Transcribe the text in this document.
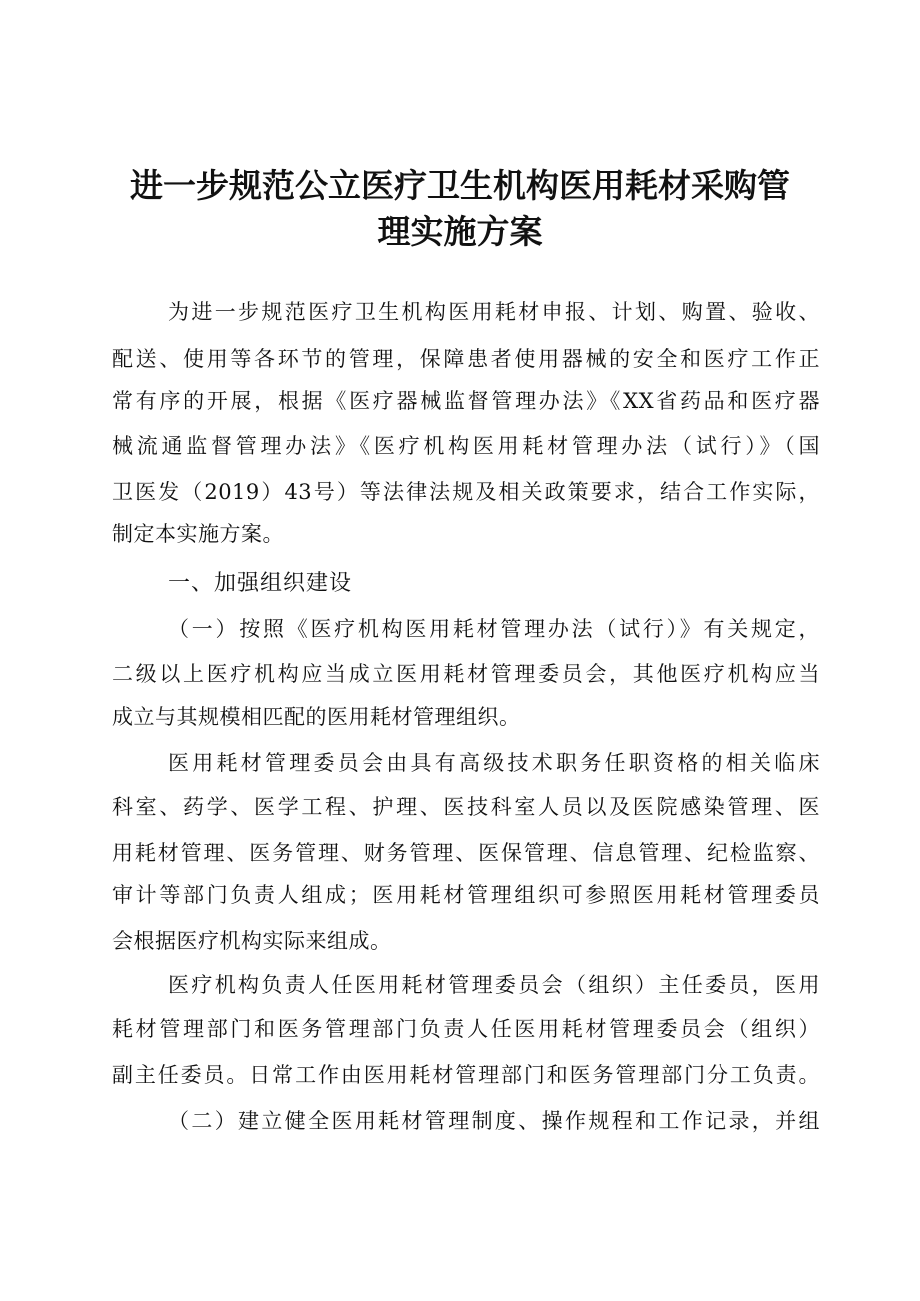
进一步规范公立医疗卫生机构医用耗材采购管
理实施方案
为进一步规范医疗卫生机构医用耗材申报、计划、购置、验收、
配送、使用等各环节的管理，保障患者使用器械的安全和医疗工作正
常有序的开展，根据《医疗器械监督管理办法》《XX省药品和医疗器
械流通监督管理办法》《医疗机构医用耗材管理办法（试行）》（国
卫医发（2019）43号）等法律法规及相关政策要求，结合工作实际，
制定本实施方案。
一、加强组织建设
（一）按照《医疗机构医用耗材管理办法（试行）》有关规定，
二级以上医疗机构应当成立医用耗材管理委员会，其他医疗机构应当
成立与其规模相匹配的医用耗材管理组织。
医用耗材管理委员会由具有高级技术职务任职资格的相关临床
科室、药学、医学工程、护理、医技科室人员以及医院感染管理、医
用耗材管理、医务管理、财务管理、医保管理、信息管理、纪检监察、
审计等部门负责人组成；医用耗材管理组织可参照医用耗材管理委员
会根据医疗机构实际来组成。
医疗机构负责人任医用耗材管理委员会（组织）主任委员，医用
耗材管理部门和医务管理部门负责人任医用耗材管理委员会（组织）
副主任委员。日常工作由医用耗材管理部门和医务管理部门分工负责。
（二）建立健全医用耗材管理制度、操作规程和工作记录，并组
